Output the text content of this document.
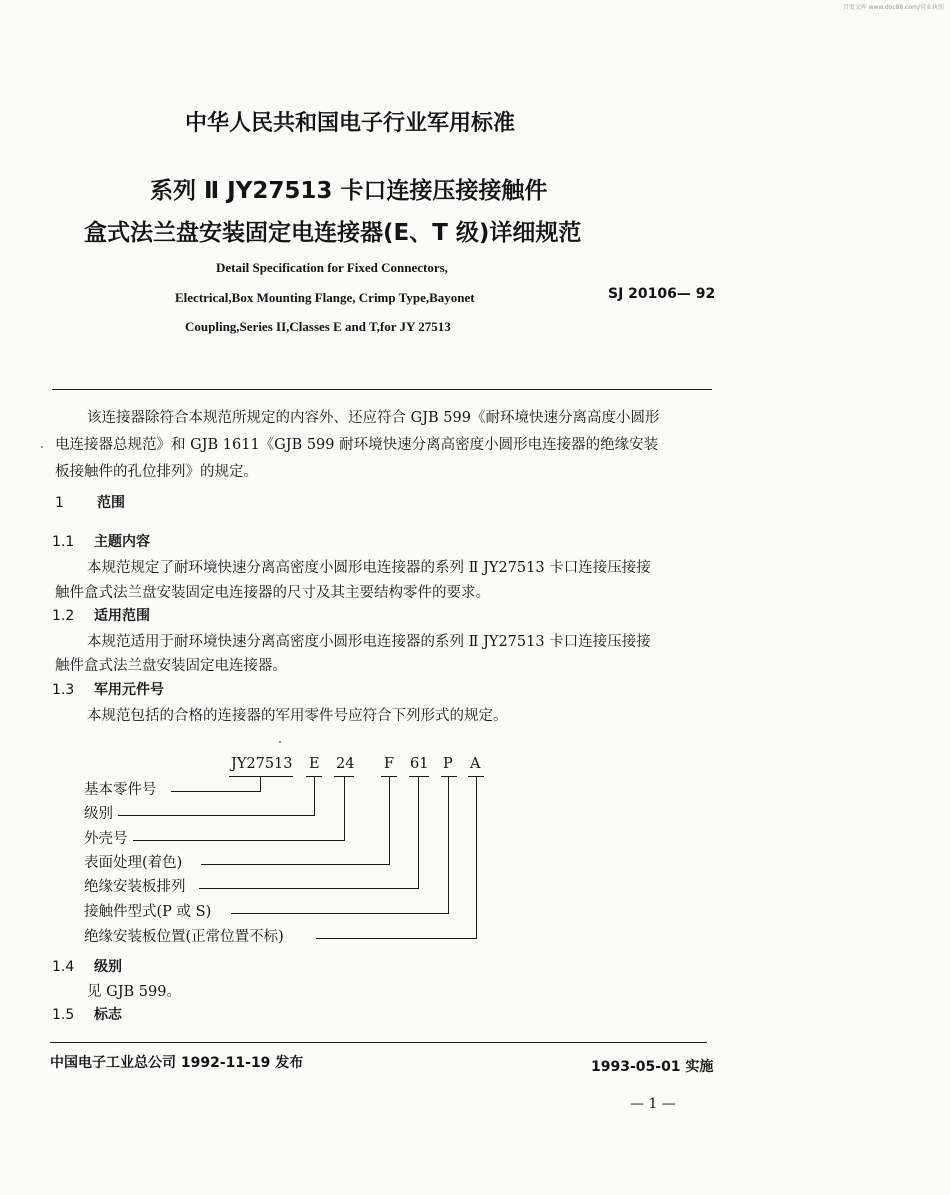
百度文库 www.doc88.com/营业执照
中华人民共和国电子行业军用标准
系列 Ⅱ JY27513 卡口连接压接接触件
盒式法兰盘安装固定电连接器(E、T 级)详细规范
Detail Specification for Fixed Connectors,
Electrical,Box Mounting Flange, Crimp Type,Bayonet
Coupling,Series II,Classes E and T,for JY 27513
SJ 20106— 92
该连接器除符合本规范所规定的内容外、还应符合 GJB 599《耐环境快速分离高度小圆形
电连接器总规范》和 GJB 1611《GJB 599 耐环境快速分离高密度小圆形电连接器的绝缘安装
板接触件的孔位排列》的规定。
1 范围
1.1 主题内容
本规范规定了耐环境快速分离高密度小圆形电连接器的系列 Ⅱ JY27513 卡口连接压接接
触件盒式法兰盘安装固定电连接器的尺寸及其主要结构零件的要求。
1.2 适用范围
本规范适用于耐环境快速分离高密度小圆形电连接器的系列 Ⅱ JY27513 卡口连接压接接
触件盒式法兰盘安装固定电连接器。
1.3 军用元件号
本规范包括的合格的连接器的军用零件号应符合下列形式的规定。
JY27513 E 24 F 61 P A
基本零件号
级别
外壳号
表面处理(着色)
绝缘安装板排列
接触件型式(P 或 S)
绝缘安装板位置(正常位置不标)
1.4 级别
见 GJB 599。
1.5 标志
中国电子工业总公司 1992-11-19 发布	1993-05-01 实施
— 1 —
